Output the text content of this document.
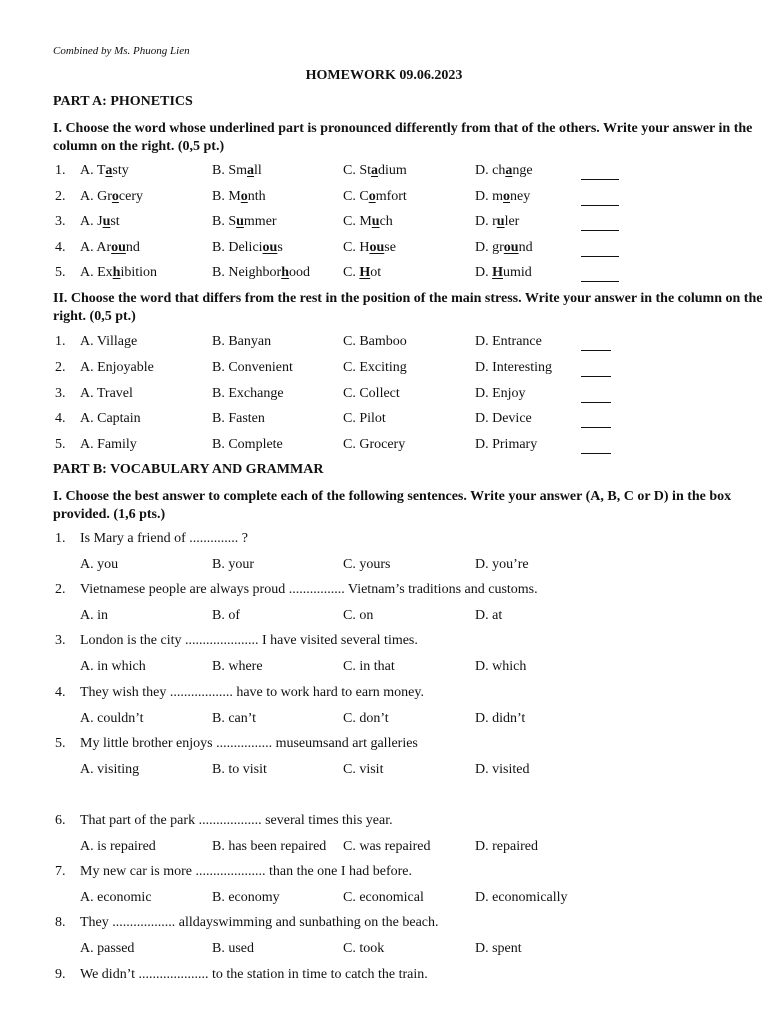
Combined by Ms. Phuong Lien
HOMEWORK 09.06.2023
PART A: PHONETICS
I. Choose the word whose underlined part is pronounced differently from that of the others. Write your answer in the column on the right. (0,5 pt.)
1. A. Tasty	B. Small	C. Stadium	D. change
2. A. Grocery	B. Month	C. Comfort	D. money
3. A. Just	B. Summer	C. Much	D. ruler
4. A. Around	B. Delicious	C. House	D. ground
5. A. Exhibition	B. Neighborhood C. Hot	D. Humid
II. Choose the word that differs from the rest in the position of the main stress. Write your answer in the column on the right. (0,5 pt.)
1. A. Village	B. Banyan	C. Bamboo	D. Entrance
2. A. Enjoyable	B. Convenient	C. Exciting	D. Interesting
3. A. Travel	B. Exchange	C. Collect	D. Enjoy
4. A. Captain	B. Fasten	C. Pilot	D. Device
5. A. Family	B. Complete	C. Grocery	D. Primary
PART B: VOCABULARY AND GRAMMAR
I. Choose the best answer to complete each of the following sentences. Write your answer (A, B, C or D) in the box provided. (1,6 pts.)
1. Is Mary a friend of .............. ?
A. you	B. your	C. yours	D. you’re
2. Vietnamese people are always proud ................ Vietnam’s traditions and customs.
A. in	B. of	C. on	D. at
3. London is the city ..................... I have visited several times.
A. in which	B. where	C. in that	D. which
4. They wish they .................. have to work hard to earn money.
A. couldn’t	B. can’t	C. don’t	D. didn’t
5. My little brother enjoys ................ museumsand art galleries
A. visiting	B. to visit	C. visit	D. visited
6. That part of the park .................. several times this year.
A. is repaired	B. has been repaired C. was repaired	D. repaired
7. My new car is more .................... than the one I had before.
A. economic	B. economy	C. economical	D. economically
8. They .................. alldayswimming and sunbathing on the beach.
A. passed	B. used	C. took	D. spent
9. We didn’t .................... to the station in time to catch the train.
